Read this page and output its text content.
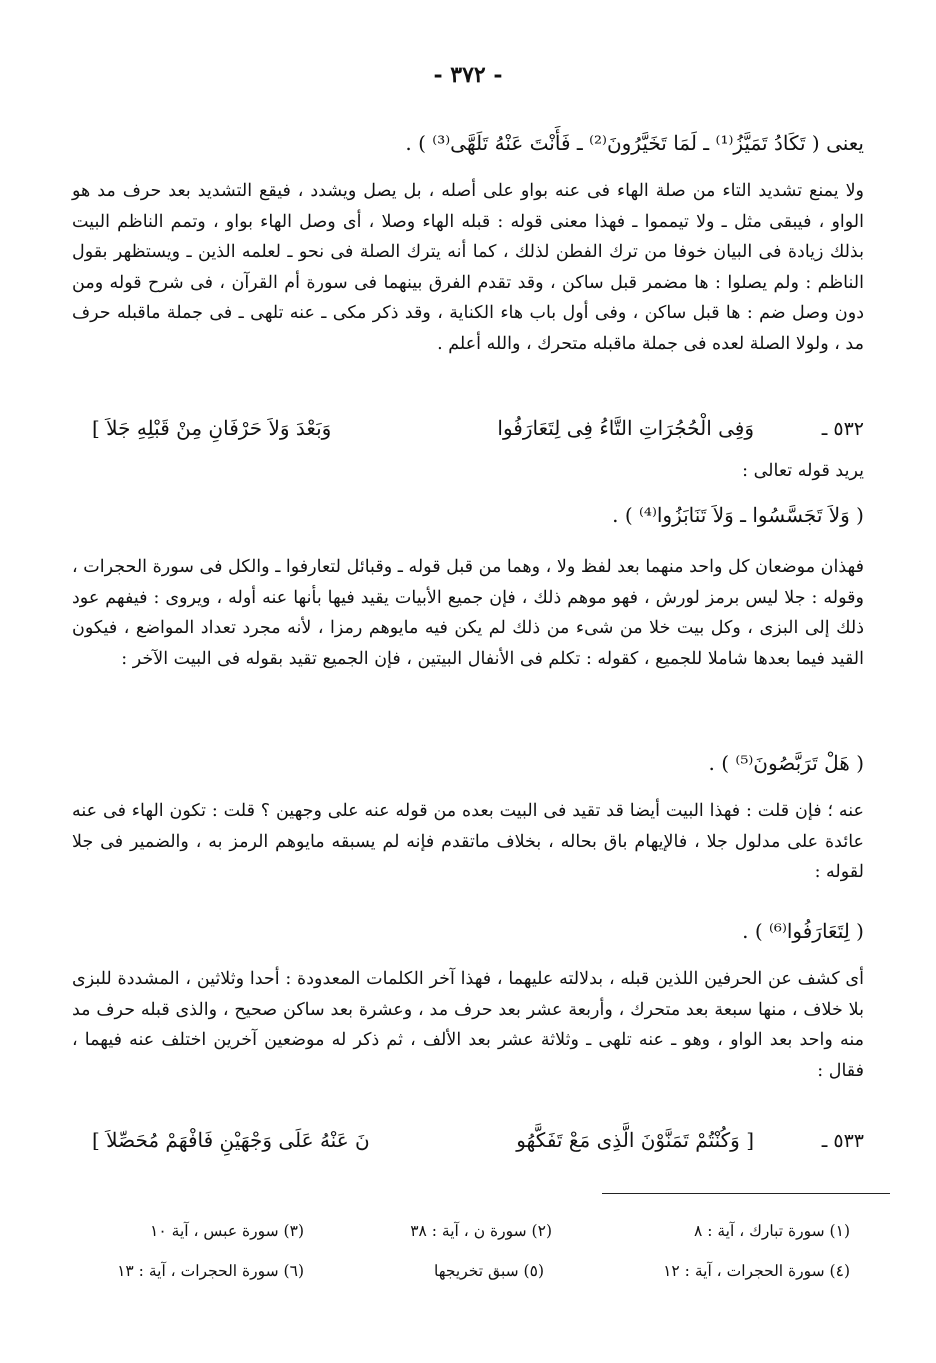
- ٣٧٢ -
يعنى ( تَكَادُ تَمَيَّزُ⁽¹⁾ ـ لَمَا تَخَيَّرُونَ⁽²⁾ ـ فَأَنْتَ عَنْهُ تَلَهَّى⁽³⁾ ) .
ولا يمنع تشديد التاء من صلة الهاء فى عنه بواو على أصله ، بل يصل ويشدد ، فيقع التشديد بعد حرف مد هو الواو ، فيبقى مثل ـ ولا تيمموا ـ فهذا معنى قوله : قبله الهاء وصلا ، أى وصل الهاء بواو ، وتمم الناظم البيت بذلك زيادة فى البيان خوفا من ترك الفطن لذلك ، كما أنه يترك الصلة فى نحو ـ لعلمه الذين ـ ويستظهر بقول الناظم : ولم يصلوا : ها مضمر قبل ساكن ، وقد تقدم الفرق بينهما فى سورة أم القرآن ، فى شرح قوله ومن دون وصل ضم : ها قبل ساكن ، وفى أول باب هاء الكناية ، وقد ذكر مكى ـ عنه تلهى ـ فى جملة ماقبله حرف مد ، ولولا الصلة لعده فى جملة ماقبله متحرك ، والله أعلم .
٥٣٢ ـ
وَفِى الْحُجُرَاتِ التَّاءُ فِى لِتَعَارَفُوا
وَبَعْدَ وَلاَ حَرْفَانِ مِنْ قَبْلِهِ جَلاَ ]
يريد قوله تعالى :
( وَلاَ تَجَسَّسُوا ـ وَلاَ تَنَابَزُوا⁽⁴⁾ ) .
فهذان موضعان كل واحد منهما بعد لفظ ولا ، وهما من قبل قوله ـ وقبائل لتعارفوا ـ والكل فى سورة الحجرات ، وقوله : جلا ليس برمز لورش ، فهو موهم ذلك ، فإن جميع الأبيات يقيد فيها بأنها عنه أوله ، ويروى : فيفهم عود ذلك إلى البزى ، وكل بيت خلا من شىء من ذلك لم يكن فيه مايوهم رمزا ، لأنه مجرد تعداد المواضع ، فيكون القيد فيما بعدها شاملا للجميع ، كقوله : تكلم فى الأنفال البيتين ، فإن الجميع تقيد بقوله فى البيت الآخر :
( هَلْ تَرَبَّصُونَ⁽⁵⁾ ) .
عنه ؛ فإن قلت : فهذا البيت أيضا قد تقيد فى البيت بعده من قوله عنه على وجهين ؟ قلت : تكون الهاء فى عنه عائدة على مدلول جلا ، فالإيهام باق بحاله ، بخلاف ماتقدم فإنه لم يسبقه مايوهم الرمز به ، والضمير فى جلا لقوله :
( لِتَعَارَفُوا⁽⁶⁾ ) .
أى كشف عن الحرفين اللذين قبله ، بدلالته عليهما ، فهذا آخر الكلمات المعدودة : أحدا وثلاثين ، المشددة للبزى بلا خلاف ، منها سبعة بعد متحرك ، وأربعة عشر بعد حرف مد ، وعشرة بعد ساكن صحيح ، والذى قبله حرف مد منه واحد بعد الواو ، وهو ـ عنه تلهى ـ وثلاثة عشر بعد الألف ، ثم ذكر له موضعين آخرين اختلف عنه فيهما ، فقال :
٥٣٣ ـ
[ وَكُنْتُمْ تَمَنَّوْنَ الَّذِى مَعْ تَفَكَّهُو
نَ عَنْهُ عَلَى وَجْهَيْنِ فَافْهَمْ مُحَصِّلاَ ]
(١) سورة تبارك ، آية : ٨
(٢) سورة ن ، آية : ٣٨
(٣) سورة عبس ، آية ١٠
(٤) سورة الحجرات ، آية : ١٢
(٥) سبق تخريجها
(٦) سورة الحجرات ، آية : ١٣
